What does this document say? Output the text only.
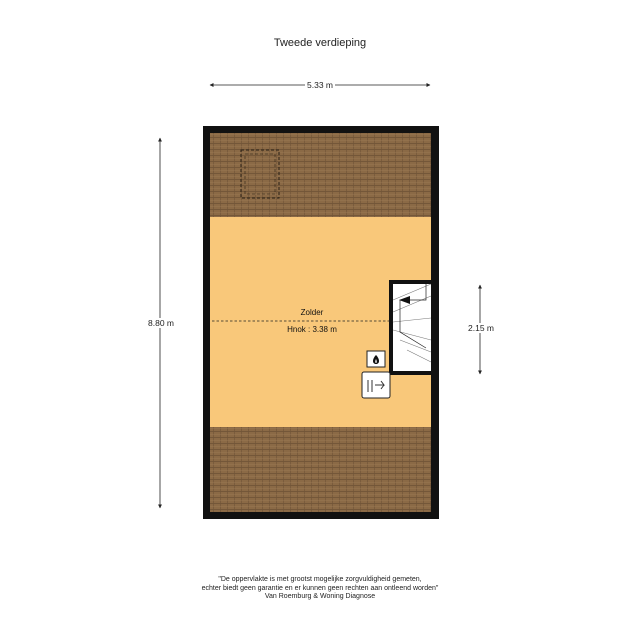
Tweede verdieping
5.33 m
8.80 m	2.15 m
Zolder
Hnok : 3.38 m
"De oppervlakte is met grootst mogelijke zorgvuldigheid gemeten,
echter biedt geen garantie en er kunnen geen rechten aan ontleend worden"
Van Roemburg & Woning Diagnose
